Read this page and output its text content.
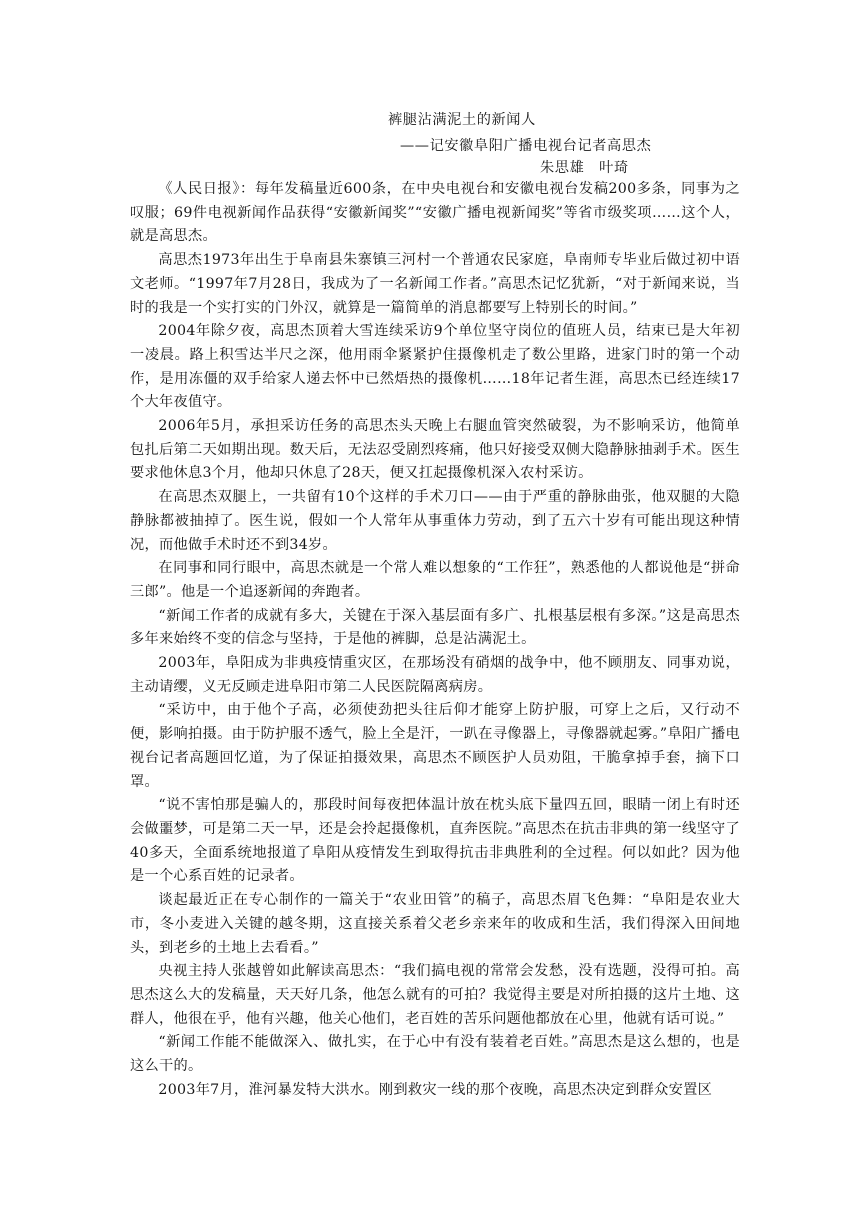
裤腿沾满泥土的新闻人
——记安徽阜阳广播电视台记者高思杰
朱思雄　叶琦

《人民日报》：每年发稿量近600条，在中央电视台和安徽电视台发稿200多条，同事为之叹服；69件电视新闻作品获得“安徽新闻奖”“安徽广播电视新闻奖”等省市级奖项……这个人，就是高思杰。

高思杰1973年出生于阜南县朱寨镇三河村一个普通农民家庭，阜南师专毕业后做过初中语文老师。“1997年7月28日，我成为了一名新闻工作者。”高思杰记忆犹新，“对于新闻来说，当时的我是一个实打实的门外汉，就算是一篇简单的消息都要写上特别长的时间。”

2004年除夕夜，高思杰顶着大雪连续采访9个单位坚守岗位的值班人员，结束已是大年初一凌晨。路上积雪达半尺之深，他用雨伞紧紧护住摄像机走了数公里路，进家门时的第一个动作，是用冻僵的双手给家人递去怀中已然焐热的摄像机……18年记者生涯，高思杰已经连续17个大年夜值守。

2006年5月，承担采访任务的高思杰头天晚上右腿血管突然破裂，为不影响采访，他简单包扎后第二天如期出现。数天后，无法忍受剧烈疼痛，他只好接受双侧大隐静脉抽剥手术。医生要求他休息3个月，他却只休息了28天，便又扛起摄像机深入农村采访。

在高思杰双腿上，一共留有10个这样的手术刀口——由于严重的静脉曲张，他双腿的大隐静脉都被抽掉了。医生说，假如一个人常年从事重体力劳动，到了五六十岁有可能出现这种情况，而他做手术时还不到34岁。

在同事和同行眼中，高思杰就是一个常人难以想象的“工作狂”，熟悉他的人都说他是“拼命三郎”。他是一个追逐新闻的奔跑者。

“新闻工作者的成就有多大，关键在于深入基层面有多广、扎根基层根有多深。”这是高思杰多年来始终不变的信念与坚持，于是他的裤脚，总是沾满泥土。

2003年，阜阳成为非典疫情重灾区，在那场没有硝烟的战争中，他不顾朋友、同事劝说，主动请缨，义无反顾走进阜阳市第二人民医院隔离病房。

“采访中，由于他个子高，必须使劲把头往后仰才能穿上防护服，可穿上之后，又行动不便，影响拍摄。由于防护服不透气，脸上全是汗，一趴在寻像器上，寻像器就起雾。”阜阳广播电视台记者高题回忆道，为了保证拍摄效果，高思杰不顾医护人员劝阻，干脆拿掉手套，摘下口罩。

“说不害怕那是骗人的，那段时间每夜把体温计放在枕头底下量四五回，眼睛一闭上有时还会做噩梦，可是第二天一早，还是会拎起摄像机，直奔医院。”高思杰在抗击非典的第一线坚守了40多天，全面系统地报道了阜阳从疫情发生到取得抗击非典胜利的全过程。何以如此？因为他是一个心系百姓的记录者。

谈起最近正在专心制作的一篇关于“农业田管”的稿子，高思杰眉飞色舞：“阜阳是农业大市，冬小麦进入关键的越冬期，这直接关系着父老乡亲来年的收成和生活，我们得深入田间地头，到老乡的土地上去看看。”

央视主持人张越曾如此解读高思杰：“我们搞电视的常常会发愁，没有选题，没得可拍。高思杰这么大的发稿量，天天好几条，他怎么就有的可拍？我觉得主要是对所拍摄的这片土地、这群人，他很在乎，他有兴趣，他关心他们，老百姓的苦乐问题他都放在心里，他就有话可说。”

“新闻工作能不能做深入、做扎实，在于心中有没有装着老百姓。”高思杰是这么想的，也是这么干的。

2003年7月，淮河暴发特大洪水。刚到救灾一线的那个夜晚，高思杰决定到群众安置区
